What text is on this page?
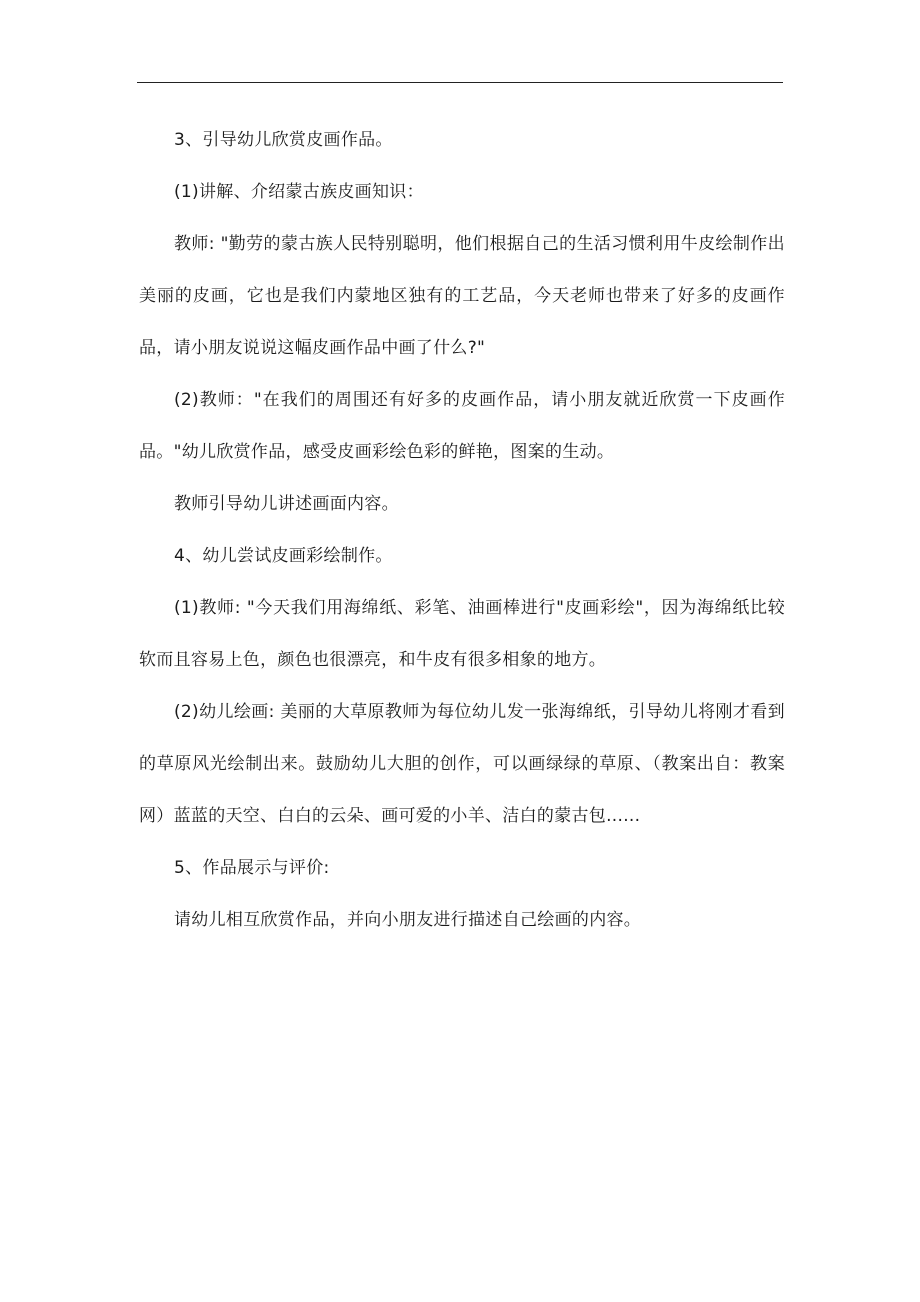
3、引导幼儿欣赏皮画作品。

(1)讲解、介绍蒙古族皮画知识：

教师: "勤劳的蒙古族人民特别聪明，他们根据自己的生活习惯利用牛皮绘制作出美丽的皮画，它也是我们内蒙地区独有的工艺品，今天老师也带来了好多的皮画作品，请小朋友说说这幅皮画作品中画了什么?"

(2)教师："在我们的周围还有好多的皮画作品，请小朋友就近欣赏一下皮画作品。"幼儿欣赏作品，感受皮画彩绘色彩的鲜艳，图案的生动。

教师引导幼儿讲述画面内容。

4、幼儿尝试皮画彩绘制作。

(1)教师: "今天我们用海绵纸、彩笔、油画棒进行"皮画彩绘"，因为海绵纸比较软而且容易上色，颜色也很漂亮，和牛皮有很多相象的地方。

(2)幼儿绘画: 美丽的大草原教师为每位幼儿发一张海绵纸，引导幼儿将刚才看到的草原风光绘制出来。鼓励幼儿大胆的创作，可以画绿绿的草原、（教案出自：教案网）蓝蓝的天空、白白的云朵、画可爱的小羊、洁白的蒙古包......

5、作品展示与评价:

请幼儿相互欣赏作品，并向小朋友进行描述自己绘画的内容。
